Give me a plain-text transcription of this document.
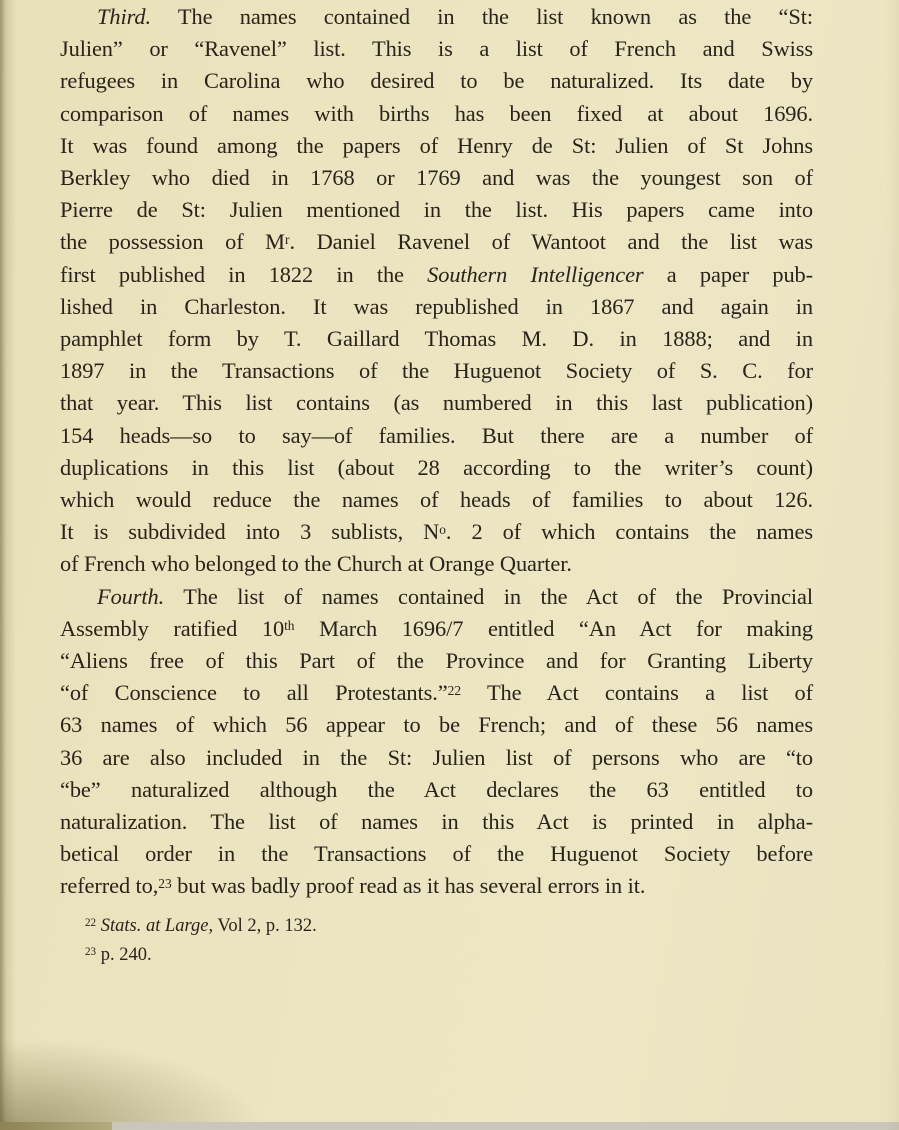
Third. The names contained in the list known as the “St:
Julien” or “Ravenel” list. This is a list of French and Swiss
refugees in Carolina who desired to be naturalized. Its date by
comparison of names with births has been fixed at about 1696.
It was found among the papers of Henry de St: Julien of St Johns
Berkley who died in 1768 or 1769 and was the youngest son of
Pierre de St: Julien mentioned in the list. His papers came into
the possession of $M^r$. Daniel Ravenel of Wantoot and the list was
first published in 1822 in the Southern Intelligencer a paper pub-
lished in Charleston. It was republished in 1867 and again in
pamphlet form by T. Gaillard Thomas M. D. in 1888; and in
1897 in the Transactions of the Huguenot Society of S. C. for
that year. This list contains (as numbered in this last publication)
154 heads—so to say—of families. But there are a number of
duplications in this list (about 28 according to the writer’s count)
which would reduce the names of heads of families to about 126.
It is subdivided into 3 sublists, $N^o$. 2 of which contains the names
of French who belonged to the Church at Orange Quarter.
Fourth. The list of names contained in the Act of the Provincial
Assembly ratified 10th March 1696/7 entitled “An Act for making
“Aliens free of this Part of the Province and for Granting Liberty
“of Conscience to all Protestants.”$^{22}$ The Act contains a list of
63 names of which 56 appear to be French; and of these 56 names
36 are also included in the St: Julien list of persons who are “to
“be” naturalized although the Act declares the 63 entitled to
naturalization. The list of names in this Act is printed in alpha-
betical order in the Transactions of the Huguenot Society before
referred to,$^{23}$ but was badly proof read as it has several errors in it.
$^{22}$ Stats. at Large, Vol 2, p. 132.
$^{23}$ p. 240.
